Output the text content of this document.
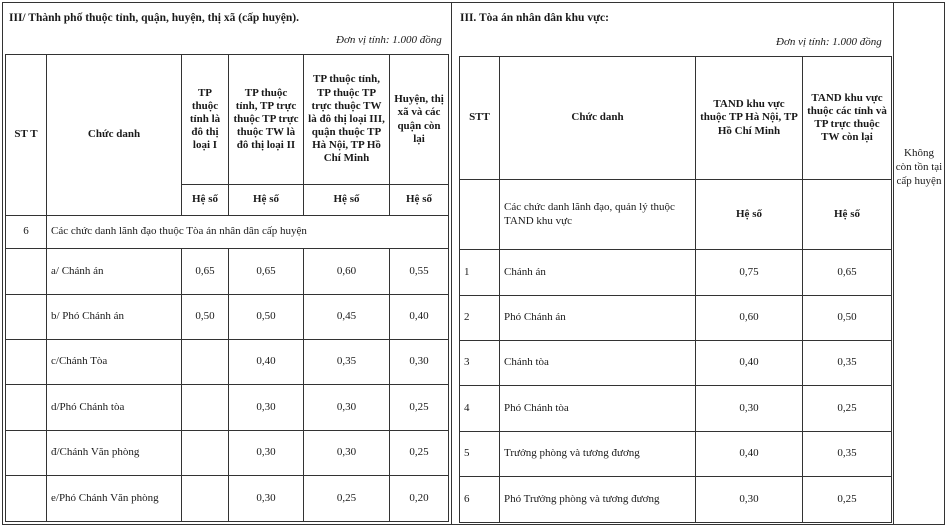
III/ Thành phố thuộc tỉnh, quận, huyện, thị xã (cấp huyện).
Đơn vị tính: 1.000 đồng
ST T	Chức danh	TP thuộc tỉnh là đô thị loại I	TP thuộc tỉnh, TP trực thuộc TP trực thuộc TW là đô thị loại II	TP thuộc tỉnh, TP thuộc TP trực thuộc TW là đô thị loại III, quận thuộc TP Hà Nội, TP Hồ Chí Minh	Huyện, thị xã và các quận còn lại
		Hệ số	Hệ số	Hệ số	Hệ số
6	Các chức danh lãnh đạo thuộc Tòa án nhân dân cấp huyện				
	a/ Chánh án	0,65	0,65	0,60	0,55
	b/ Phó Chánh án	0,50	0,50	0,45	0,40
	c/Chánh Tòa		0,40	0,35	0,30
	d/Phó Chánh tòa		0,30	0,30	0,25
	đ/Chánh Văn phòng		0,30	0,30	0,25
	e/Phó Chánh Văn phòng		0,30	0,25	0,20
III. Tòa án nhân dân khu vực:
Đơn vị tính: 1.000 đồng
STT	Chức danh	TAND khu vực thuộc TP Hà Nội, TP Hồ Chí Minh	TAND khu vực thuộc các tỉnh và TP trực thuộc TW còn lại
	Các chức danh lãnh đạo, quản lý thuộc TAND khu vực	Hệ số	Hệ số
1	Chánh án	0,75	0,65
2	Phó Chánh án	0,60	0,50
3	Chánh tòa	0,40	0,35
4	Phó Chánh tòa	0,30	0,25
5	Trưởng phòng và tương đương	0,40	0,35
6	Phó Trưởng phòng và tương đương	0,30	0,25
Không còn tồn tại cấp huyện
